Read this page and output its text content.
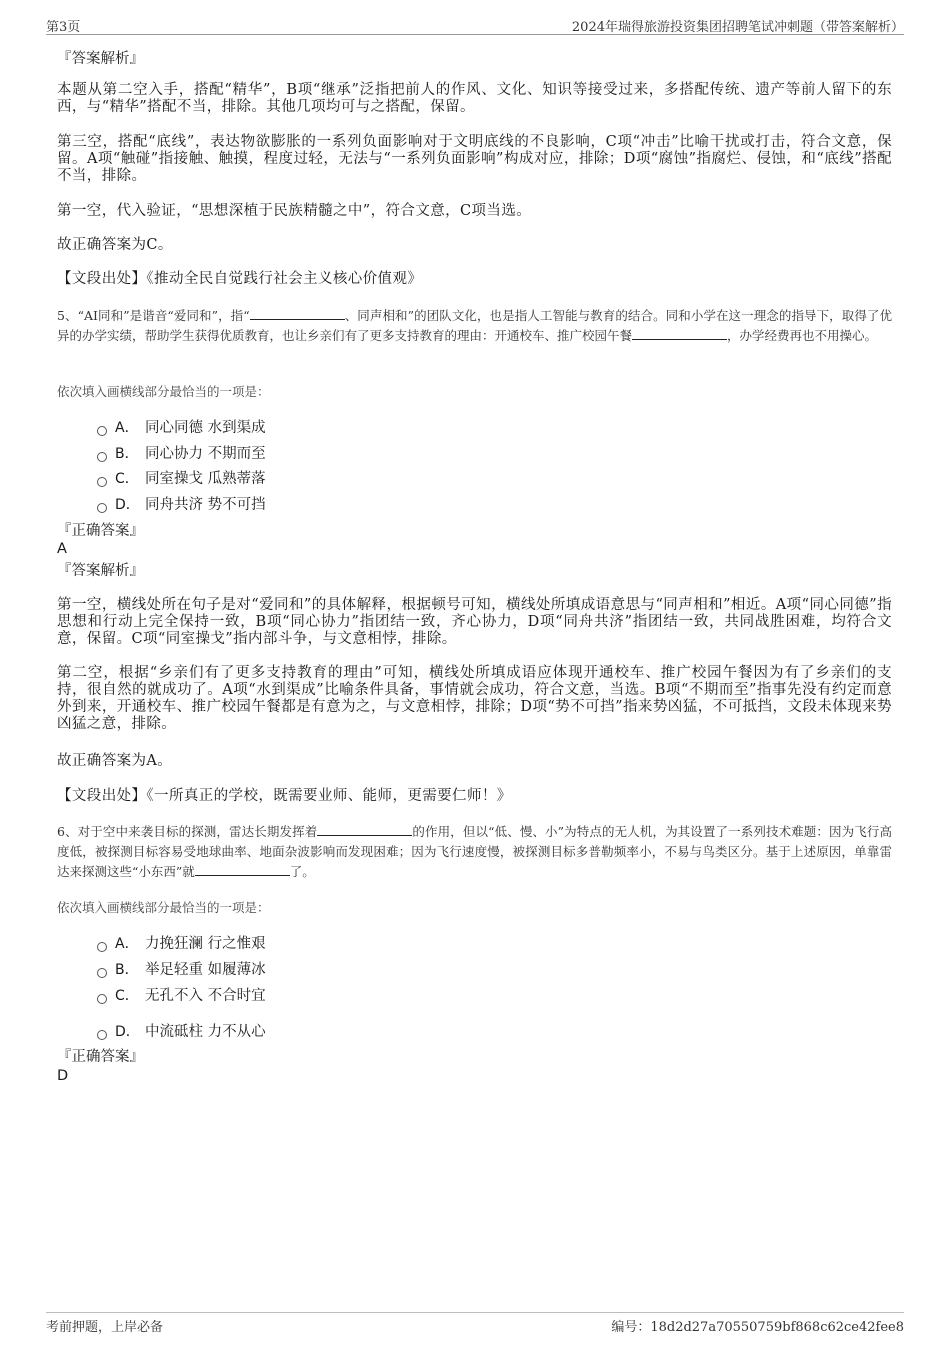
第3页	2024年瑞得旅游投资集团招聘笔试冲刺题（带答案解析）
『答案解析』
本题从第二空入手，搭配“精华”，B项“继承”泛指把前人的作风、文化、知识等接受过来，多搭配传统、遗产等前人留下的东西，与“精华”搭配不当，排除。其他几项均可与之搭配，保留。
第三空，搭配“底线”，表达物欲膨胀的一系列负面影响对于文明底线的不良影响，C项“冲击”比喻干扰或打击，符合文意，保留。A项“触碰”指接触、触摸，程度过轻，无法与“一系列负面影响”构成对应，排除；D项“腐蚀”指腐烂、侵蚀，和“底线”搭配不当，排除。
第一空，代入验证，“思想深植于民族精髓之中”，符合文意，C项当选。
故正确答案为C。
【文段出处】《推动全民自觉践行社会主义核心价值观》
5、“AI同和”是谐音“爱同和”，指“	、同声相和”的团队文化，也是指人工智能与教育的结合。同和小学在这一理念的指导下，取得了优异的办学实绩，帮助学生获得优质教育，也让乡亲们有了更多支持教育的理由：开通校车、推广校园午餐	，办学经费再也不用操心。
依次填入画横线部分最恰当的一项是：
A． 同心同德 水到渠成
B． 同心协力 不期而至
C． 同室操戈 瓜熟蒂落
D． 同舟共济 势不可挡
『正确答案』
A
『答案解析』
第一空，横线处所在句子是对“爱同和”的具体解释，根据顿号可知，横线处所填成语意思与“同声相和”相近。A项“同心同德”指思想和行动上完全保持一致，B项“同心协力”指团结一致，齐心协力，D项“同舟共济”指团结一致，共同战胜困难，均符合文意，保留。C项“同室操戈”指内部斗争，与文意相悖，排除。
第二空，根据“乡亲们有了更多支持教育的理由”可知，横线处所填成语应体现开通校车、推广校园午餐因为有了乡亲们的支持，很自然的就成功了。A项“水到渠成”比喻条件具备，事情就会成功，符合文意，当选。B项“不期而至”指事先没有约定而意外到来，开通校车、推广校园午餐都是有意为之，与文意相悖，排除；D项“势不可挡”指来势凶猛，不可抵挡，文段未体现来势凶猛之意，排除。
故正确答案为A。
【文段出处】《一所真正的学校，既需要业师、能师，更需要仁师！》
6、对于空中来袭目标的探测，雷达长期发挥着	的作用，但以“低、慢、小”为特点的无人机，为其设置了一系列技术难题：因为飞行高度低，被探测目标容易受地球曲率、地面杂波影响而发现困难；因为飞行速度慢，被探测目标多普勒频率小，不易与鸟类区分。基于上述原因，单靠雷达来探测这些“小东西”就	了。
依次填入画横线部分最恰当的一项是：
A． 力挽狂澜 行之惟艰
B． 举足轻重 如履薄冰
C． 无孔不入 不合时宜
D． 中流砥柱 力不从心
『正确答案』
D
考前押题，上岸必备	编号：18d2d27a70550759bf868c62ce42fee8
